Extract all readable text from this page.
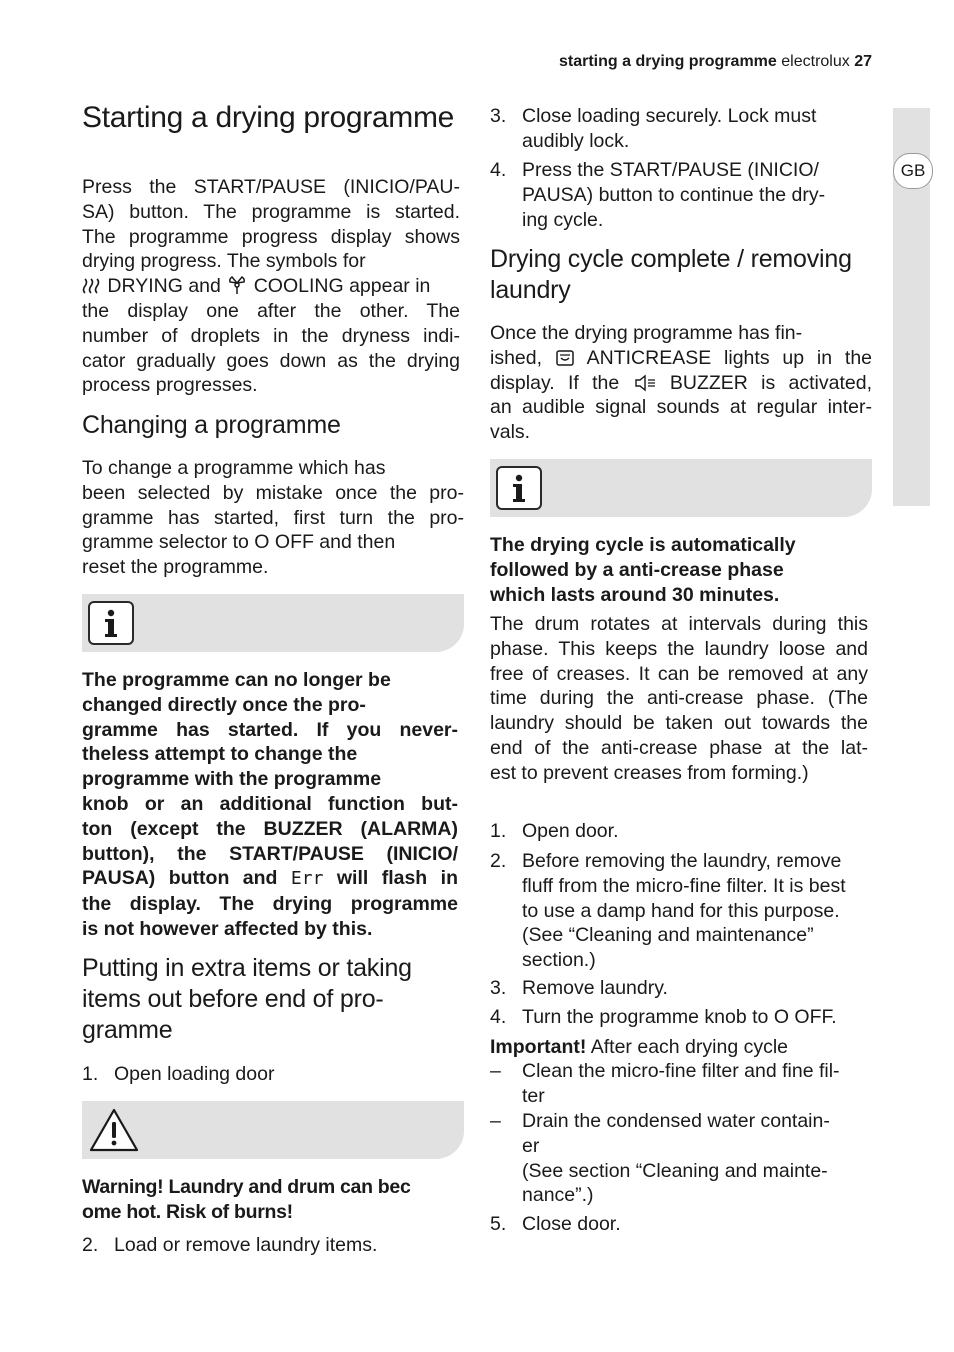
starting a drying programme electrolux 27
GB
Starting a drying programme
Press the START/PAUSE (INICIO/PAU-
SA) button. The programme is started.
The programme progress display shows
drying progress. The symbols for
DRYING and COOLING appear in
the display one after the other. The
number of droplets in the dryness indi-
cator gradually goes down as the drying
process progresses.
Changing a programme
To change a programme which has
been selected by mistake once the pro-
gramme has started, first turn the pro-
gramme selector to O OFF and then
reset the programme.
The programme can no longer be
changed directly once the pro-
gramme has started. If you never-
theless attempt to change the
programme with the programme
knob or an additional function but-
ton (except the BUZZER (ALARMA)
button), the START/PAUSE (INICIO/
PAUSA) button and Err will flash in
the display. The drying programme
is not however affected by this.
Putting in extra items or taking
items out before end of pro-
gramme
1. Open loading door
Warning! Laundry and drum can bec
ome hot. Risk of burns!
2. Load or remove laundry items.
3. Close loading securely. Lock must
audibly lock.
4. Press the START/PAUSE (INICIO/
PAUSA) button to continue the dry-
ing cycle.
Drying cycle complete / removing
laundry
Once the drying programme has fin-
ished, ANTICREASE lights up in the
display. If the	BUZZER is activated,
an audible signal sounds at regular inter-
vals.
The drying cycle is automatically
followed by a anti-crease phase
which lasts around 30 minutes.
The drum rotates at intervals during this
phase. This keeps the laundry loose and
free of creases. It can be removed at any
time during the anti-crease phase. (The
laundry should be taken out towards the
end of the anti-crease phase at the lat-
est to prevent creases from forming.)
1. Open door.
2. Before removing the laundry, remove
fluff from the micro-fine filter. It is best
to use a damp hand for this purpose.
(See “Cleaning and maintenance”
section.)
3. Remove laundry.
4. Turn the programme knob to O OFF.
Important! After each drying cycle
– Clean the micro-fine filter and fine fil-
ter
– Drain the condensed water contain-
er
(See section “Cleaning and mainte-
nance”.)
5. Close door.
